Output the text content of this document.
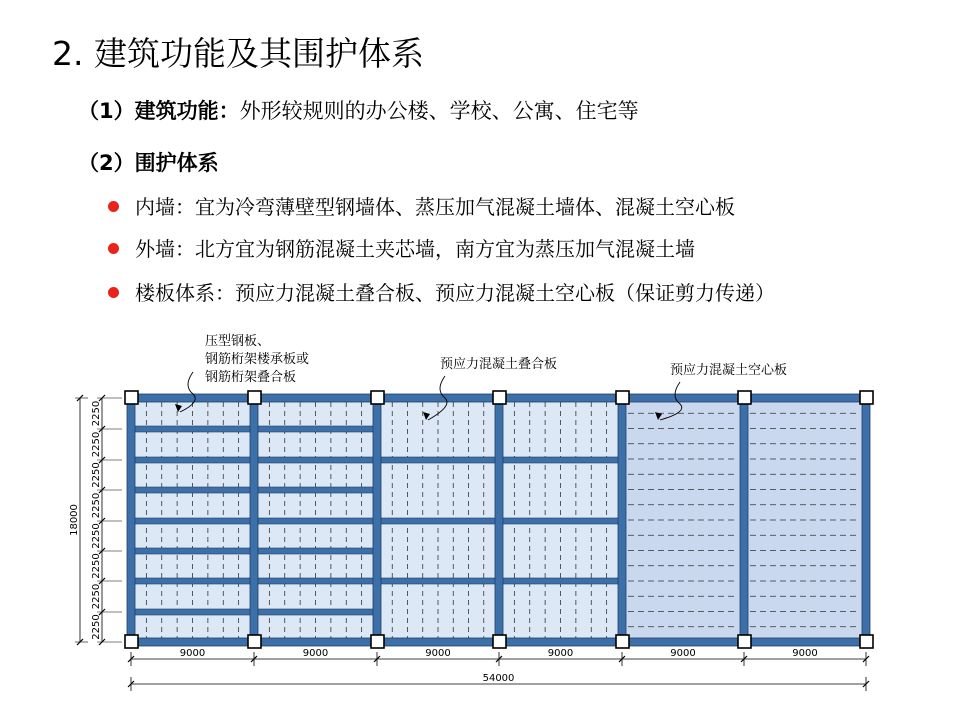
2. 建筑功能及其围护体系
（1）建筑功能：外形较规则的办公楼、学校、公寓、住宅等
（2）围护体系
内墙：宜为冷弯薄壁型钢墙体、蒸压加气混凝土墙体、混凝土空心板
外墙：北方宜为钢筋混凝土夹芯墙，南方宜为蒸压加气混凝土墙
楼板体系：预应力混凝土叠合板、预应力混凝土空心板（保证剪力传递）
9000	9000	9000	9000	9000	9000
54000
2250
2250
2250
2250
2250
2250
2250
2250
18000
压型钢板、
钢筋桁架楼承板或
钢筋桁架叠合板
预应力混凝土叠合板	预应力混凝土空心板
